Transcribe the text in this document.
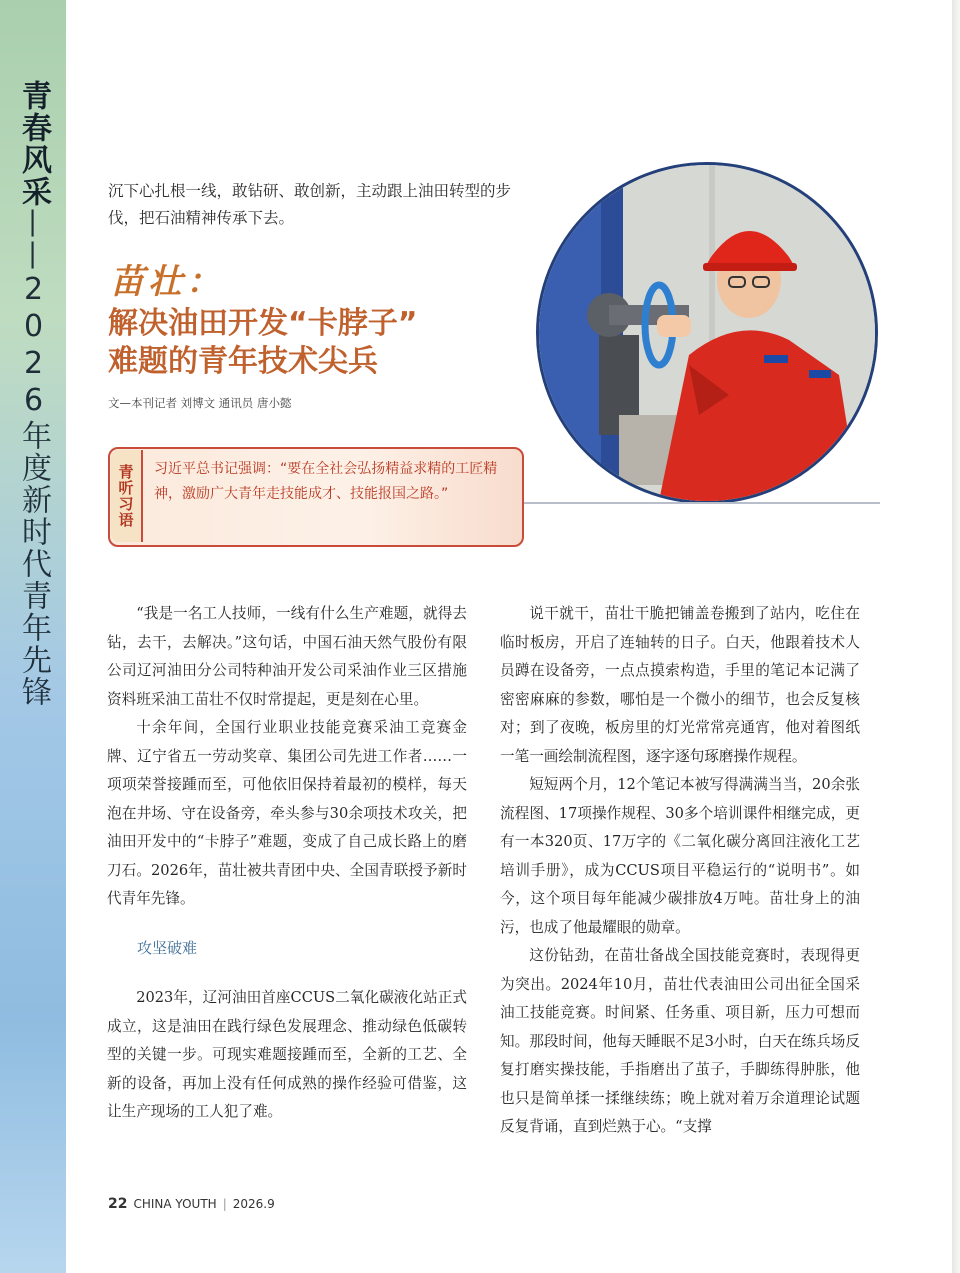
青春风采——2026年度新时代青年先锋
沉下心扎根一线，敢钻研、敢创新，主动跟上油田转型的步伐，把石油精神传承下去。
苗壮：
解决油田开发“卡脖子”
难题的青年技术尖兵
文—本刊记者 刘博文 通讯员 唐小懿
青听习语	习近平总书记强调：“要在全社会弘扬精益求精的工匠精神，激励广大青年走技能成才、技能报国之路。”

“我是一名工人技师，一线有什么生产难题，就得去钻，去干，去解决。”这句话，中国石油天然气股份有限公司辽河油田分公司特种油开发公司采油作业三区措施资料班采油工苗壮不仅时常提起，更是刻在心里。

十余年间，全国行业职业技能竞赛采油工竞赛金牌、辽宁省五一劳动奖章、集团公司先进工作者……一项项荣誉接踵而至，可他依旧保持着最初的模样，每天泡在井场、守在设备旁，牵头参与30余项技术攻关，把油田开发中的“卡脖子”难题，变成了自己成长路上的磨刀石。2026年，苗壮被共青团中央、全国青联授予新时代青年先锋。

攻坚破难

2023年，辽河油田首座CCUS二氧化碳液化站正式成立，这是油田在践行绿色发展理念、推动绿色低碳转型的关键一步。可现实难题接踵而至，全新的工艺、全新的设备，再加上没有任何成熟的操作经验可借鉴，这让生产现场的工人犯了难。

说干就干，苗壮干脆把铺盖卷搬到了站内，吃住在临时板房，开启了连轴转的日子。白天，他跟着技术人员蹲在设备旁，一点点摸索构造，手里的笔记本记满了密密麻麻的参数，哪怕是一个微小的细节，也会反复核对；到了夜晚，板房里的灯光常常亮通宵，他对着图纸一笔一画绘制流程图，逐字逐句琢磨操作规程。

短短两个月，12个笔记本被写得满满当当，20余张流程图、17项操作规程、30多个培训课件相继完成，更有一本320页、17万字的《二氧化碳分离回注液化工艺培训手册》，成为CCUS项目平稳运行的“说明书”。如今，这个项目每年能减少碳排放4万吨。苗壮身上的油污，也成了他最耀眼的勋章。

这份钻劲，在苗壮备战全国技能竞赛时，表现得更为突出。2024年10月，苗壮代表油田公司出征全国采油工技能竞赛。时间紧、任务重、项目新，压力可想而知。那段时间，他每天睡眠不足3小时，白天在练兵场反复打磨实操技能，手指磨出了茧子，手脚练得肿胀，他也只是简单揉一揉继续练；晚上就对着万余道理论试题反复背诵，直到烂熟于心。“支撑

22 CHINA YOUTH | 2026.9
